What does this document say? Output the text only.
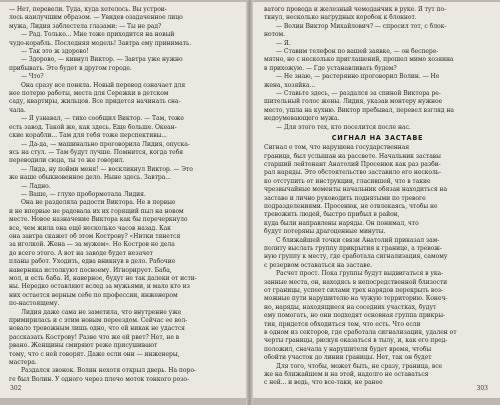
— Нет, перевели. Туда, куда хотелось. Вы устрои-
лось наилучшим образом. — Увидев озадаченное лицо
мужа, Лидия заблестела глазами: — Ты не рад?
— Рад. Только... Мне тоже приходится на новый
чудо-корабль. Последняя модель! Завтра ему принимать.
— Так это ж здорово!
— Здорово, — кивнул Виктор. — Завтра уже нужно
прибывать. Это будет в другом городе.
— Что?
Она сразу все поняла. Новый перевод означает для
нее потерю работы, места для Сережки в детском
саду, квартиры, жильцов. Все придется начинать сна-
чала.
— Я узнавал, — тихо сообщил Виктор. — Там, тоже
есть завод. Такой же, как здесь. Еще больше. Океан-
ские корабли... Там для тебя тоже перспективы...
— Да-да, — машинально проговорила Лидия, опуска-
ясь на стул. — Там будут лучше. Помнится, когда тебя
переводили сюда, ты то же говорил.
— Лида, ну пойми меня! — воскликнул Виктор. — Это
же наше обыкновенное дело. Ныне здесь. Завтра...
— Ладно.
— Ваше, — глухо пробормотала Лидия.
Она не разделяла радости Виктора. Не в первые
и не впервые не радовала их их горящий пыл на новом
месте. Новое назначение Виктора как бы перечеркнуло
все, чем жила она ещё несколько часов назад. Как
она завтра скажет об этом Кострову? «Нитки тянется
за иголкой. Жена — за мужем». Но Костров не дела
до всего этого. А вот на заводе будет незачет
планы работ. Уходить, едва вникнув в дело. Рабочие
наверняка истолкуют посвоему. Игнорирует. Баба,
мол, и есть баба. И, наверное, будут не так далеки от исти-
ны. Нередко оставляют вслед за мужьями, и мало кто из
них остается верным себе по профессии, инженером
по-настоящему.
Лидия даже сама не заметила, что внутренне уже
примирилась и с этим новым переездом. Сейчас ее вол-
новало тревожным лишь одно, что ей никак не удастся
рассказать Кострову! Разве что же ей рвет? Нет, не в
рвано. Женщины смиряют реже присушивают
тому, что с ней говорят. Даже если они — инженеры,
мастера.
Раздался звонок. Волин нехотя открыл дверь. На поро-
ге был Волин. У одного через плечо моток тонкого розо-
302
ватого провода и железный чемоданчик в руке. Я тут по-
ткнул, несколько нагрудных коробок к блокнот.
— Волин Виктор Михайлович? — спросил тот, с блок-
нотом.
— Я.
— Ставим телефон по вашей заявке, — он беспере-
мятно, но с несколько приглашений, прошел мимо хозяина
в прихожую. — Где устанавливать будем?
— Не знаю, — растерянно проговорил Волин. — Не
жена, хозяйка...
— Ставьте здесь, — раздался за спиной Виктора ре-
шительный голос жены. Лидия, указав монтеру нужное
место, ушла на кухню. Виктор пребывал, перевел взгляд на
недоумевающего мужа.
— Для этого тех, кто поселится после нас.
СИГНАЛ НА ЗАСТАВЕ
Сигнал о том, что нарушена государственная
граница, был услышан на рассвете. Начальник заставы
старший лейтенант Анатолий Просенюк как раз разби-
рал наряды. Это обстоятельство заставило его несколь-
ко отступить от инструкции, гласившей, что в такие
чрезвычайные моменты начальник обязан находиться на
заставе и лично руководить поднятыми по тревоге
подразделениями. Просенюк, не отвлекаясь, чтобы не
тревожить людей, быстро прибыл в район,
куда были направлены наряды. Он понимал, что
будут потеряны драгоценные минуты.
С ближайшей точки связи Анатолий приказал зам-
политу выслать группу прикрытия к границе, а тревож-
ную группу к месту, где сработала сигнализация, самому
с резервом оставаться на заставе.
Расчет прост. Пока группы будут выдвигаться в ука-
занные места, он, находясь в непосредственной близости
от границы, успеет силами трех нарядов перекрыть воз-
можные пути нарушителю на чужую территорию. Конеч-
но, наряды, находящиеся на соседних участках, будут
ему помогать, но они подходят основная группа прикры-
тия, придется обходиться тем, что есть. Что если
в одном из секторов, где сработала сигнализация, удален от
черты границы, рискуя оказаться в тылу, и, как его пред-
положил, сначала у нарушителя будет время, чтобы
обойти участок до линии границы. Нет, так он будет
Для того, чтобы, может быть, не сразу, граница, все
же на ближайшем и на этой, надолго не оставаться
с ней... и ведь, что все-таки, не ранее
303
